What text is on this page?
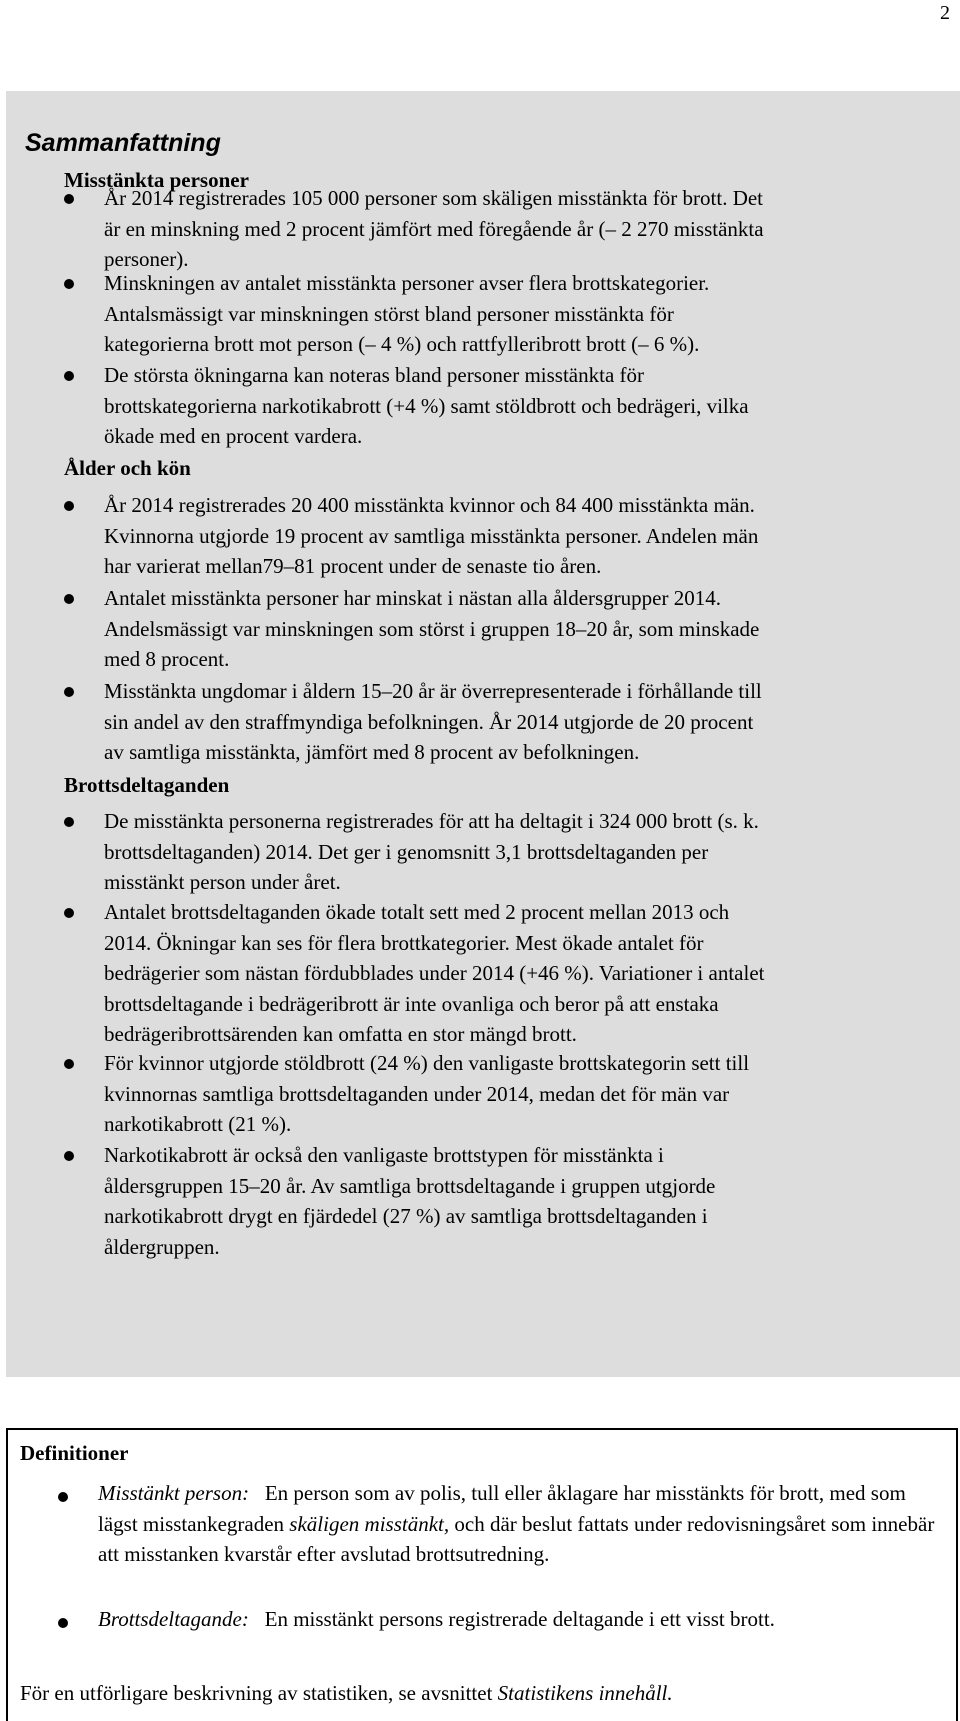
2
Sammanfattning
Misstänkta personer

År 2014 registrerades 105 000 personer som skäligen misstänkta för brott. Det
är en minskning med 2 procent jämfört med föregående år (– 2 270 misstänkta
personer).

Minskningen av antalet misstänkta personer avser flera brottskategorier.
Antalsmässigt var minskningen störst bland personer misstänkta för
kategorierna brott mot person (– 4 %) och rattfylleribrott brott (– 6 %).

De största ökningarna kan noteras bland personer misstänkta för
brottskategorierna narkotikabrott (+4 %) samt stöldbrott och bedrägeri, vilka
ökade med en procent vardera.

Ålder och kön

År 2014 registrerades 20 400 misstänkta kvinnor och 84 400 misstänkta män.
Kvinnorna utgjorde 19 procent av samtliga misstänkta personer. Andelen män
har varierat mellan79–81 procent under de senaste tio åren.

Antalet misstänkta personer har minskat i nästan alla åldersgrupper 2014.
Andelsmässigt var minskningen som störst i gruppen 18–20 år, som minskade
med 8 procent.

Misstänkta ungdomar i åldern 15–20 år är överrepresenterade i förhållande till
sin andel av den straffmyndiga befolkningen. År 2014 utgjorde de 20 procent
av samtliga misstänkta, jämfört med 8 procent av befolkningen.

Brottsdeltaganden

De misstänkta personerna registrerades för att ha deltagit i 324 000 brott (s. k.
brottsdeltaganden) 2014. Det ger i genomsnitt 3,1 brottsdeltaganden per
misstänkt person under året.

Antalet brottsdeltaganden ökade totalt sett med 2 procent mellan 2013 och
2014. Ökningar kan ses för flera brottkategorier. Mest ökade antalet för
bedrägerier som nästan fördubblades under 2014 (+46 %). Variationer i antalet
brottsdeltagande i bedrägeribrott är inte ovanliga och beror på att enstaka
bedrägeribrottsärenden kan omfatta en stor mängd brott.

För kvinnor utgjorde stöldbrott (24 %) den vanligaste brottskategorin sett till
kvinnornas samtliga brottsdeltaganden under 2014, medan det för män var
narkotikabrott (21 %).

Narkotikabrott är också den vanligaste brottstypen för misstänkta i
åldersgruppen 15–20 år. Av samtliga brottsdeltagande i gruppen utgjorde
narkotikabrott drygt en fjärdedel (27 %) av samtliga brottsdeltaganden i
åldergruppen.

Definitioner

Misstänkt person: En person som av polis, tull eller åklagare har misstänkts för brott, med som lägst misstankegraden skäligen misstänkt, och där beslut fattats under redovisningsåret som innebär att misstanken kvarstår efter avslutad brottsutredning.

Brottsdeltagande: En misstänkt persons registrerade deltagande i ett visst brott.

För en utförligare beskrivning av statistiken, se avsnittet Statistikens innehåll.
